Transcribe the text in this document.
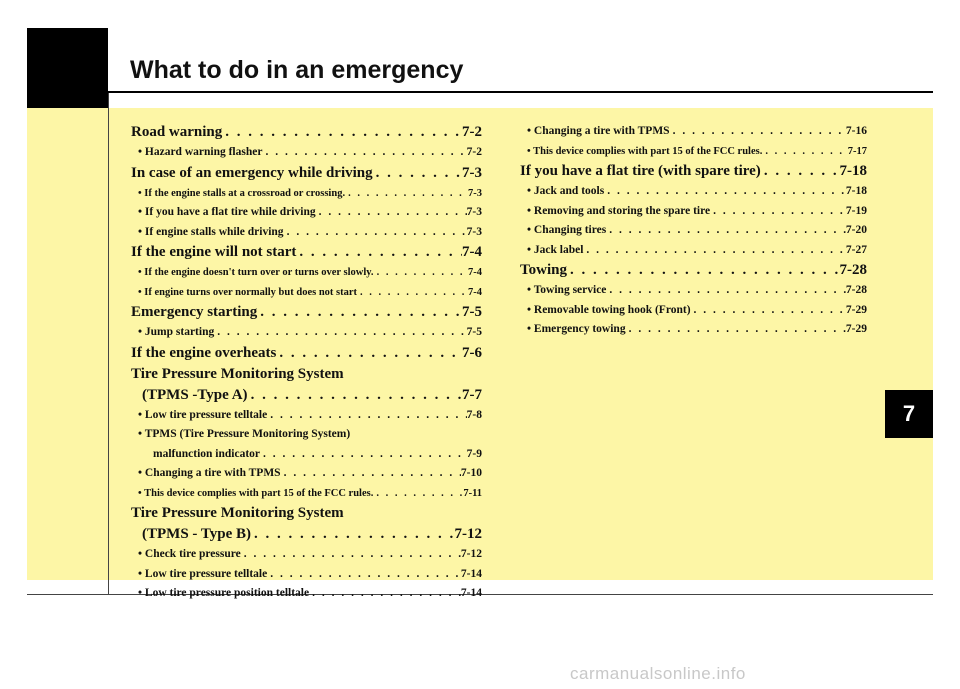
What to do in an emergency
7
Road warning . . .	7-2
• Hazard warning flasher . . .	7-2
In case of an emergency while driving . . .	7-3
• If the engine stalls at a crossroad or crossing. . . .	7-3
• If you have a flat tire while driving . . .	7-3
• If engine stalls while driving . . .	7-3
If the engine will not start . . .	7-4
• If the engine doesn't turn over or turns over slowly. . . .	7-4
• If engine turns over normally but does not start . . .	7-4
Emergency starting . . .	7-5
• Jump starting . . .	7-5
If the engine overheats . . .	7-6
Tire Pressure Monitoring System
(TPMS -Type A) . . .	7-7
• Low tire pressure telltale . . .	7-8
• TPMS (Tire Pressure Monitoring System)
malfunction indicator . . .	7-9
• Changing a tire with TPMS . . .	7-10
• This device complies with part 15 of the FCC rules. . . .	7-11
Tire Pressure Monitoring System
(TPMS - Type B) . . .	7-12
• Check tire pressure . . .	7-12
• Low tire pressure telltale . . .	7-14
• Low tire pressure position telltale . . .	7-14
• Changing a tire with TPMS . . .	7-16
• This device complies with part 15 of the FCC rules. . . .	7-17
If you have a flat tire (with spare tire) . . .	7-18
• Jack and tools . . .	7-18
• Removing and storing the spare tire . . .	7-19
• Changing tires . . .	7-20
• Jack label . . .	7-27
Towing . . .	7-28
• Towing service . . .	7-28
• Removable towing hook (Front) . . .	7-29
• Emergency towing . . .	7-29
carmanualsonline.info
